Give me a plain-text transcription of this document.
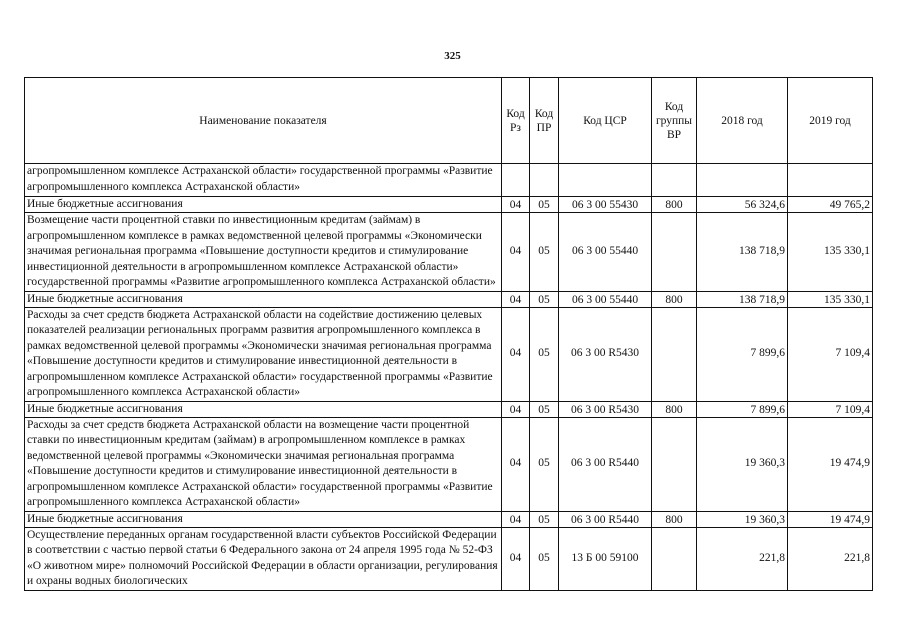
325
Наименование показателя	Код Рз	Код ПР	Код ЦСР	Код группы ВР	2018 год	2019 год
агропромышленном комплексе Астраханской области» государственной программы «Развитие агропромышленного комплекса Астраханской области»						
Иные бюджетные ассигнования	04	05	06 3 00 55430	800	56 324,6	49 765,2
Возмещение части процентной ставки по инвестиционным кредитам (займам) в агропромышленном комплексе в рамках ведомственной целевой программы «Экономически значимая региональная программа «Повышение доступности кредитов и стимулирование инвестиционной деятельности в агропромышленном комплексе Астраханской области» государственной программы «Развитие агропромышленного комплекса Астраханской области»	04	05	06 3 00 55440		138 718,9	135 330,1
Иные бюджетные ассигнования	04	05	06 3 00 55440	800	138 718,9	135 330,1
Расходы за счет средств бюджета Астраханской области на содействие достижению целевых показателей реализации региональных программ развития агропромышленного комплекса в рамках ведомственной целевой программы «Экономически значимая региональная программа «Повышение доступности кредитов и стимулирование инвестиционной деятельности в агропромышленном комплексе Астраханской области» государственной программы «Развитие агропромышленного комплекса Астраханской области»	04	05	06 3 00 R5430		7 899,6	7 109,4
Иные бюджетные ассигнования	04	05	06 3 00 R5430	800	7 899,6	7 109,4
Расходы за счет средств бюджета Астраханской области на возмещение части процентной ставки по инвестиционным кредитам (займам) в агропромышленном комплексе в рамках ведомственной целевой программы «Экономически значимая региональная программа «Повышение доступности кредитов и стимулирование инвестиционной деятельности в агропромышленном комплексе Астраханской области» государственной программы «Развитие агропромышленного комплекса Астраханской области»	04	05	06 3 00 R5440		19 360,3	19 474,9
Иные бюджетные ассигнования	04	05	06 3 00 R5440	800	19 360,3	19 474,9
Осуществление переданных органам государственной власти субъектов Российской Федерации в соответствии с частью первой статьи 6 Федерального закона от 24 апреля 1995 года № 52-ФЗ «О животном мире» полномочий Российской Федерации в области организации, регулирования и охраны водных биологических	04	05	13 Б 00 59100		221,8	221,8
